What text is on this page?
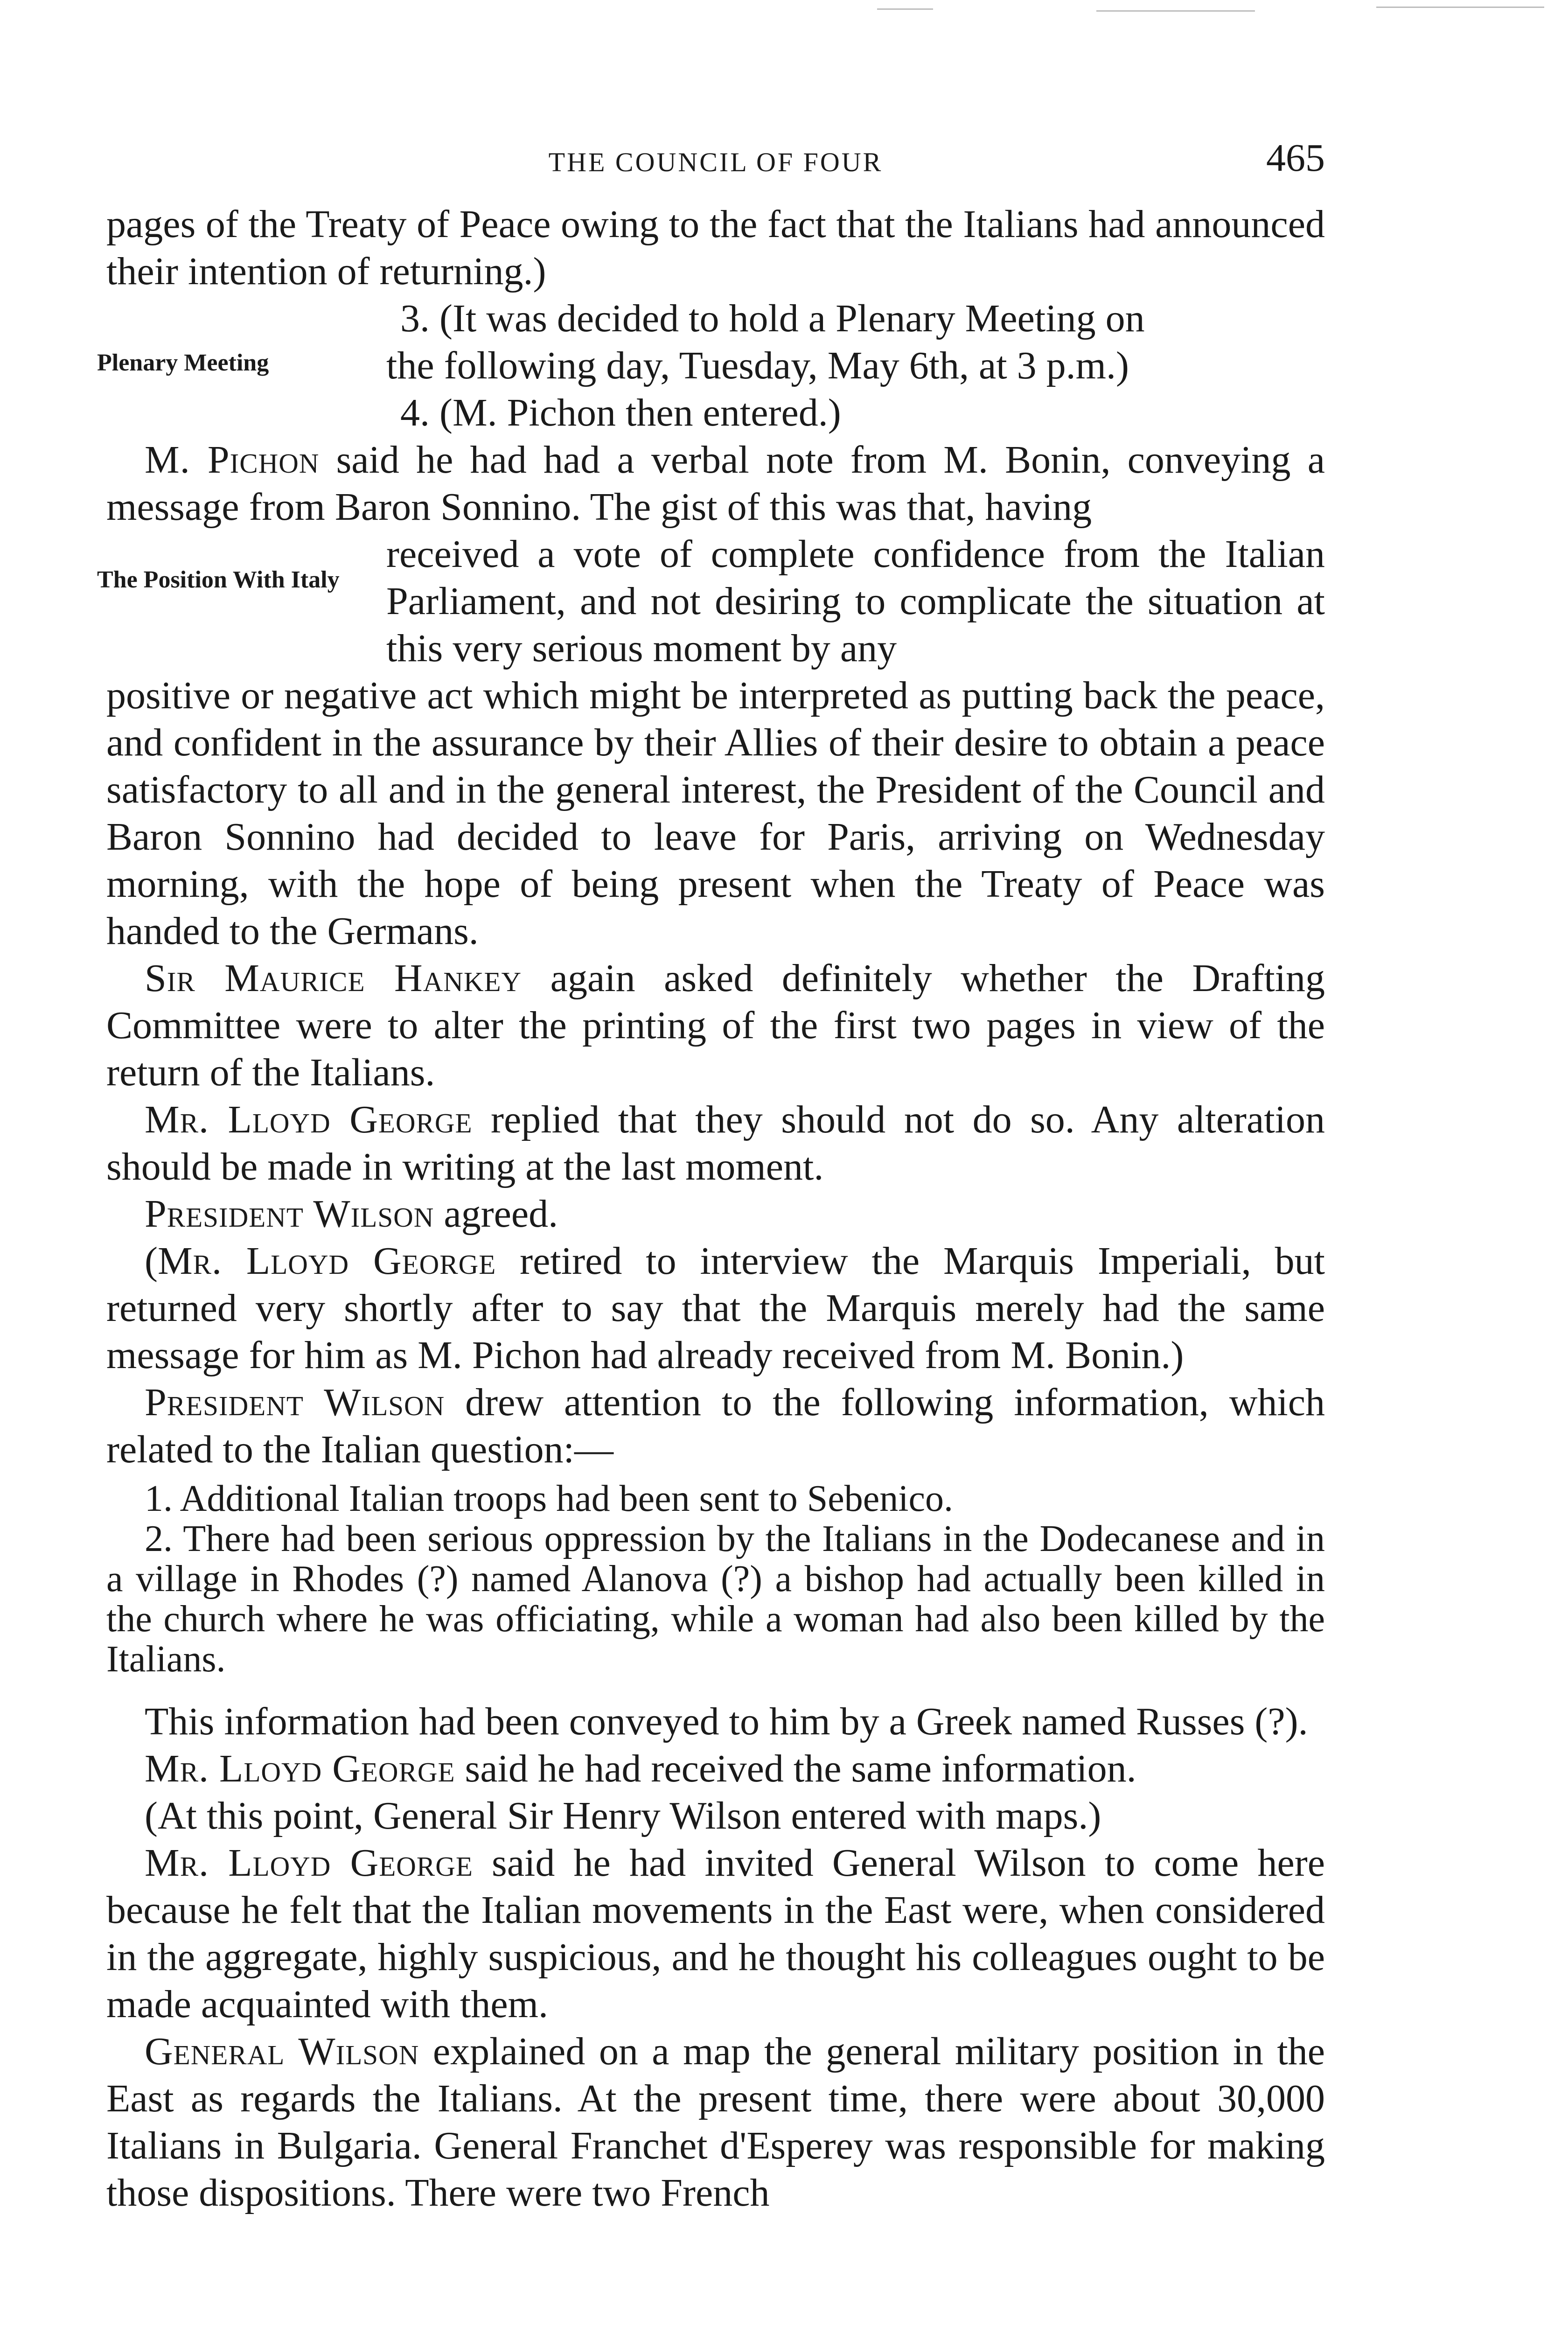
THE COUNCIL OF FOUR	465

pages of the Treaty of Peace owing to the fact that the Italians had announced their intention of returning.)

Plenary Meeting

3. (It was decided to hold a Plenary Meeting on

the following day, Tuesday, May 6th, at 3 p.m.)

4. (M. Pichon then entered.)

M. Pichon said he had had a verbal note from M. Bonin, conveying a message from Baron Sonnino. The gist of this was that, having

The Position With Italy

received a vote of complete confidence from the Italian Parliament, and not desiring to complicate the situation at this very serious moment by any

positive or negative act which might be interpreted as putting back the peace, and confident in the assurance by their Allies of their desire to obtain a peace satisfactory to all and in the general interest, the President of the Council and Baron Sonnino had decided to leave for Paris, arriving on Wednesday morning, with the hope of being present when the Treaty of Peace was handed to the Germans.

Sir Maurice Hankey again asked definitely whether the Drafting Committee were to alter the printing of the first two pages in view of the return of the Italians.

Mr. Lloyd George replied that they should not do so. Any alteration should be made in writing at the last moment.

President Wilson agreed.

(Mr. Lloyd George retired to interview the Marquis Imperiali, but returned very shortly after to say that the Marquis merely had the same message for him as M. Pichon had already received from M. Bonin.)

President Wilson drew attention to the following information, which related to the Italian question:—

1. Additional Italian troops had been sent to Sebenico.

2. There had been serious oppression by the Italians in the Dodecanese and in a village in Rhodes (?) named Alanova (?) a bishop had actually been killed in the church where he was officiating, while a woman had also been killed by the Italians.

This information had been conveyed to him by a Greek named Russes (?).

Mr. Lloyd George said he had received the same information.

(At this point, General Sir Henry Wilson entered with maps.)

Mr. Lloyd George said he had invited General Wilson to come here because he felt that the Italian movements in the East were, when considered in the aggregate, highly suspicious, and he thought his colleagues ought to be made acquainted with them.

General Wilson explained on a map the general military position in the East as regards the Italians. At the present time, there were about 30,000 Italians in Bulgaria. General Franchet d'Esperey was responsible for making those dispositions. There were two French
